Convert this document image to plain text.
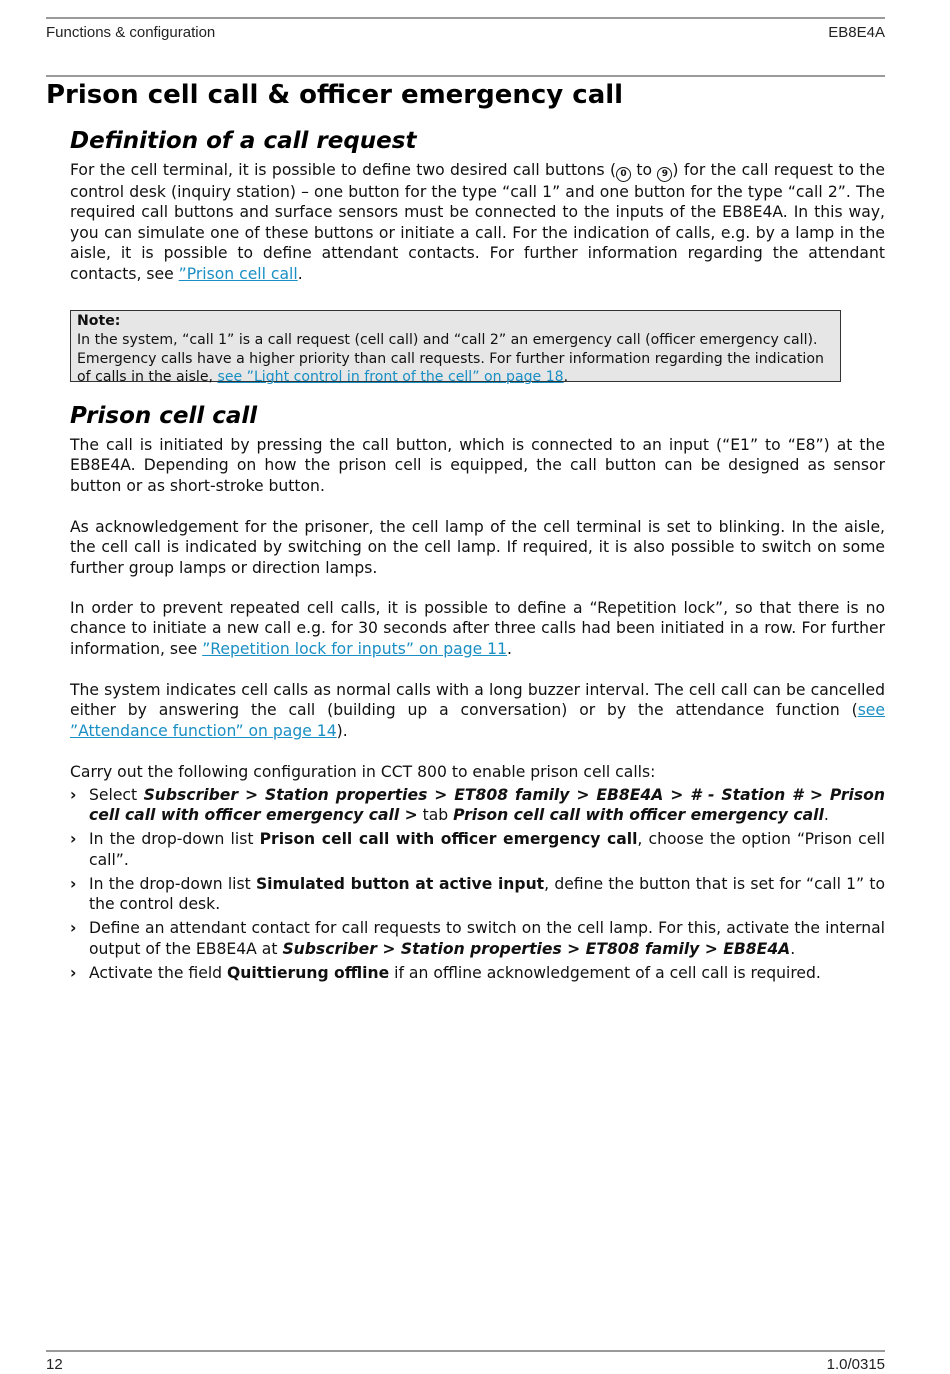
Functions & configuration	EB8E4A
Prison cell call & officer emergency call
Definition of a call request

For the cell terminal, it is possible to define two desired call buttons ( 0 to 9 ) for the call request to the control desk (inquiry station) – one button for the type “call 1” and one button for the type “call 2”. The required call buttons and surface sensors must be connected to the inputs of the EB8E4A. In this way, you can simulate one of these buttons or initiate a call. For the indication of calls, e.g. by a lamp in the aisle, it is possible to define attendant contacts. For further information regarding the attendant contacts, see ”Prison cell call.

Note:
In the system, “call 1” is a call request (cell call) and “call 2” an emergency call (officer emergency call). Emergency calls have a higher priority than call requests. For further information regarding the indication of calls in the aisle, see ”Light control in front of the cell” on page 18.
Prison cell call

The call is initiated by pressing the call button, which is connected to an input (“E1” to “E8”) at the EB8E4A. Depending on how the prison cell is equipped, the call button can be designed as sensor button or as short-stroke button.

As acknowledgement for the prisoner, the cell lamp of the cell terminal is set to blinking. In the aisle, the cell call is indicated by switching on the cell lamp. If required, it is also possible to switch on some further group lamps or direction lamps.

In order to prevent repeated cell calls, it is possible to define a “Repetition lock”, so that there is no chance to initiate a new call e.g. for 30 seconds after three calls had been initiated in a row. For further information, see ”Repetition lock for inputs” on page 11.

The system indicates cell calls as normal calls with a long buzzer interval. The cell call can be cancelled either by answering the call (building up a conversation) or by the attendance function (see ”Attendance function” on page 14).

Carry out the following configuration in CCT 800 to enable prison cell calls:

› Select Subscriber > Station properties > ET808 family > EB8E4A > # - Station # > Prison cell call with officer emergency call > tab Prison cell call with officer emergency call.
› In the drop-down list Prison cell call with officer emergency call, choose the option “Prison cell call”.
› In the drop-down list Simulated button at active input, define the button that is set for “call 1” to the control desk.
› Define an attendant contact for call requests to switch on the cell lamp. For this, activate the internal output of the EB8E4A at Subscriber > Station properties > ET808 family > EB8E4A.
› Activate the field Quittierung offline if an offline acknowledgement of a cell call is required.
12	1.0/0315
